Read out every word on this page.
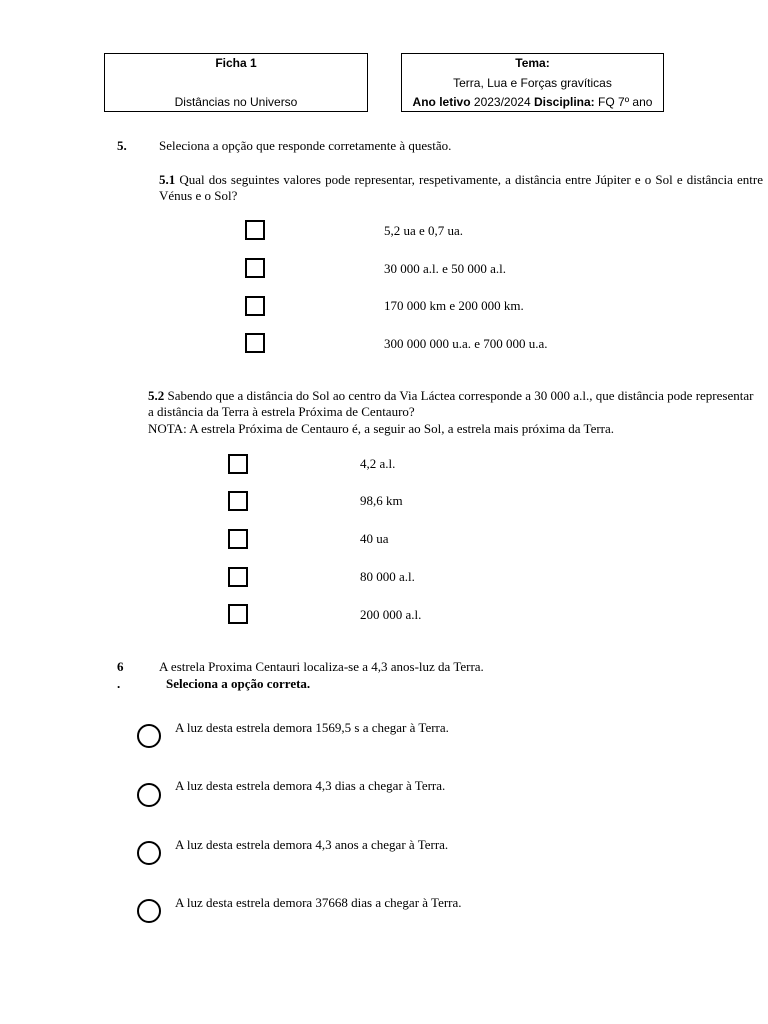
Ficha 1
Distâncias no Universo
Tema:
Terra, Lua e Forças gravíticas
Ano letivo 2023/2024 Disciplina: FQ 7º ano
5. Seleciona a opção que responde corretamente à questão.
5.1 Qual dos seguintes valores pode representar, respetivamente, a distância entre Júpiter e o Sol e distância entre Vénus e o Sol?
5,2 ua e 0,7 ua.
30 000 a.l. e 50 000 a.l.
170 000 km e 200 000 km.
300 000 000 u.a. e 700 000 u.a.
5.2 Sabendo que a distância do Sol ao centro da Via Láctea corresponde a 30 000 a.l., que distância pode representar a distância da Terra à estrela Próxima de Centauro?
NOTA: A estrela Próxima de Centauro é, a seguir ao Sol, a estrela mais próxima da Terra.
4,2 a.l.
98,6 km
40 ua
80 000 a.l.
200 000 a.l.
6
.
A estrela Proxima Centauri localiza-se a 4,3 anos-luz da Terra.
Seleciona a opção correta.
A luz desta estrela demora 1569,5 s a chegar à Terra.
A luz desta estrela demora 4,3 dias a chegar à Terra.
A luz desta estrela demora 4,3 anos a chegar à Terra.
A luz desta estrela demora 37668 dias a chegar à Terra.
